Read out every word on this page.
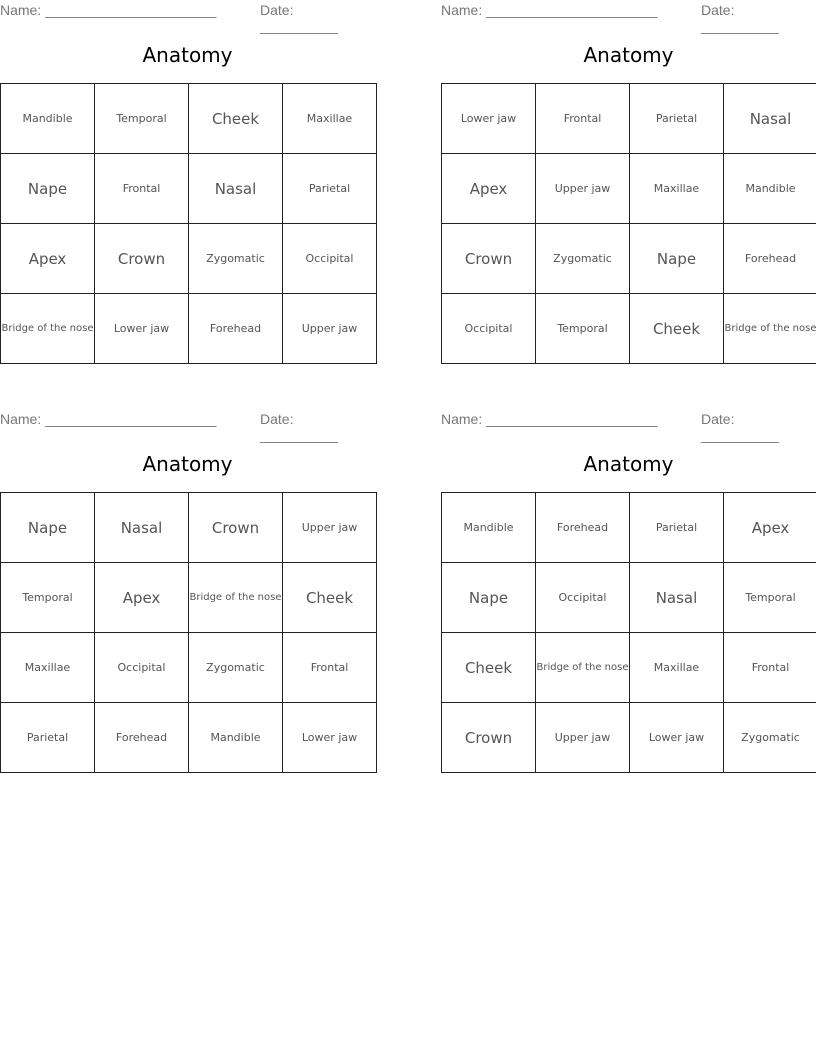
Name: ______________________	Date: __________
Anatomy
Mandible	Temporal	Cheek	Maxillae
Nape	Frontal	Nasal	Parietal
Apex	Crown	Zygomatic	Occipital
Bridge of the nose	Lower jaw	Forehead	Upper jaw
Name: ______________________	Date: __________
Anatomy
Lower jaw	Frontal	Parietal	Nasal
Apex	Upper jaw	Maxillae	Mandible
Crown	Zygomatic	Nape	Forehead
Occipital	Temporal	Cheek	Bridge of the nose
Name: ______________________	Date: __________
Anatomy
Nape	Nasal	Crown	Upper jaw
Temporal	Apex	Bridge of the nose	Cheek
Maxillae	Occipital	Zygomatic	Frontal
Parietal	Forehead	Mandible	Lower jaw
Name: ______________________	Date: __________
Anatomy
Mandible	Forehead	Parietal	Apex
Nape	Occipital	Nasal	Temporal
Cheek	Bridge of the nose	Maxillae	Frontal
Crown	Upper jaw	Lower jaw	Zygomatic
